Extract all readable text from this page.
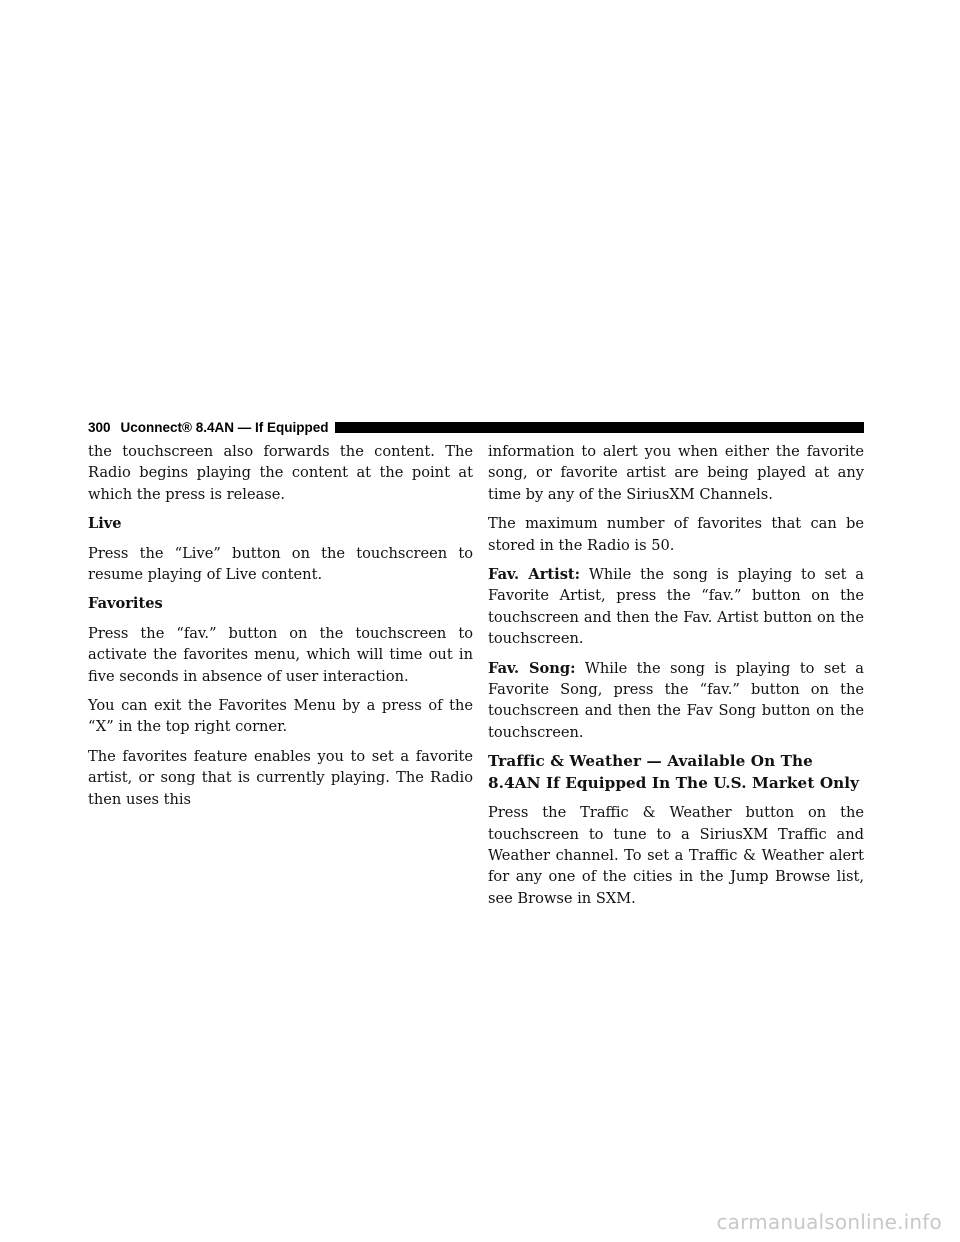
300 Uconnect® 8.4AN — If Equipped

the touchscreen also forwards the content. The Radio begins playing the content at the point at which the press is release.

Live

Press the “Live” button on the touchscreen to resume playing of Live content.

Favorites

Press the “fav.” button on the touchscreen to activate the favorites menu, which will time out in five seconds in absence of user interaction.

You can exit the Favorites Menu by a press of the “X” in the top right corner.

The favorites feature enables you to set a favorite artist, or song that is currently playing. The Radio then uses this

information to alert you when either the favorite song, or favorite artist are being played at any time by any of the SiriusXM Channels.

The maximum number of favorites that can be stored in the Radio is 50.

Fav. Artist: While the song is playing to set a Favorite Artist, press the “fav.” button on the touchscreen and then the Fav. Artist button on the touchscreen.

Fav. Song: While the song is playing to set a Favorite Song, press the “fav.” button on the touchscreen and then the Fav Song button on the touchscreen.

Traffic & Weather — Available On The 8.4AN If Equipped In The U.S. Market Only

Press the Traffic & Weather button on the touchscreen to tune to a SiriusXM Traffic and Weather channel. To set a Traffic & Weather alert for any one of the cities in the Jump Browse list, see Browse in SXM.

carmanualsonline.info
